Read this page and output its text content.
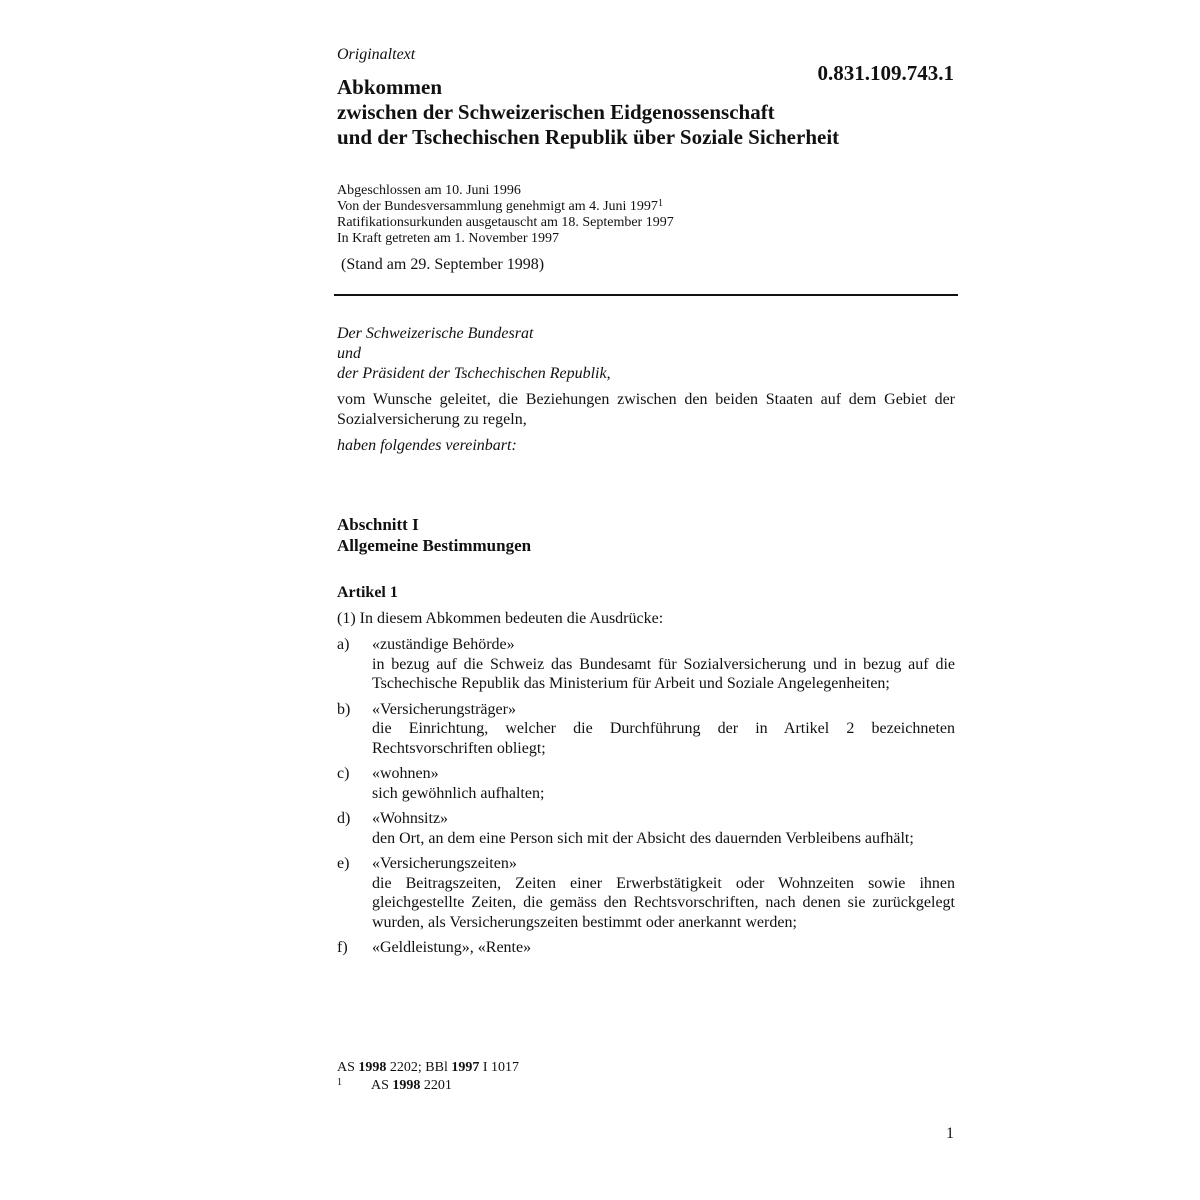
Originaltext
0.831.109.743.1
Abkommen
zwischen der Schweizerischen Eidgenossenschaft
und der Tschechischen Republik über Soziale Sicherheit
Abgeschlossen am 10. Juni 1996
Von der Bundesversammlung genehmigt am 4. Juni 1997$^1$
Ratifikationsurkunden ausgetauscht am 18. September 1997
In Kraft getreten am 1. November 1997
(Stand am 29. September 1998)
Der Schweizerische Bundesrat
und
der Präsident der Tschechischen Republik,
vom Wunsche geleitet, die Beziehungen zwischen den beiden Staaten auf dem Gebiet der Sozialversicherung zu regeln,
haben folgendes vereinbart:
Abschnitt I
Allgemeine Bestimmungen
Artikel 1
(1) In diesem Abkommen bedeuten die Ausdrücke:
a) «zuständige Behörde»
in bezug auf die Schweiz das Bundesamt für Sozialversicherung und in bezug auf die Tschechische Republik das Ministerium für Arbeit und Soziale Angelegenheiten;
b) «Versicherungsträger»
die Einrichtung, welcher die Durchführung der in Artikel 2 bezeichneten Rechtsvorschriften obliegt;
c) «wohnen»
sich gewöhnlich aufhalten;
d) «Wohnsitz»
den Ort, an dem eine Person sich mit der Absicht des dauernden Verbleibens aufhält;
e) «Versicherungszeiten»
die Beitragszeiten, Zeiten einer Erwerbstätigkeit oder Wohnzeiten sowie ihnen gleichgestellte Zeiten, die gemäss den Rechtsvorschriften, nach denen sie zurückgelegt wurden, als Versicherungszeiten bestimmt oder anerkannt werden;
f) «Geldleistung», «Rente»
AS 1998 2202; BBl 1997 I 1017
1 AS 1998 2201
1
